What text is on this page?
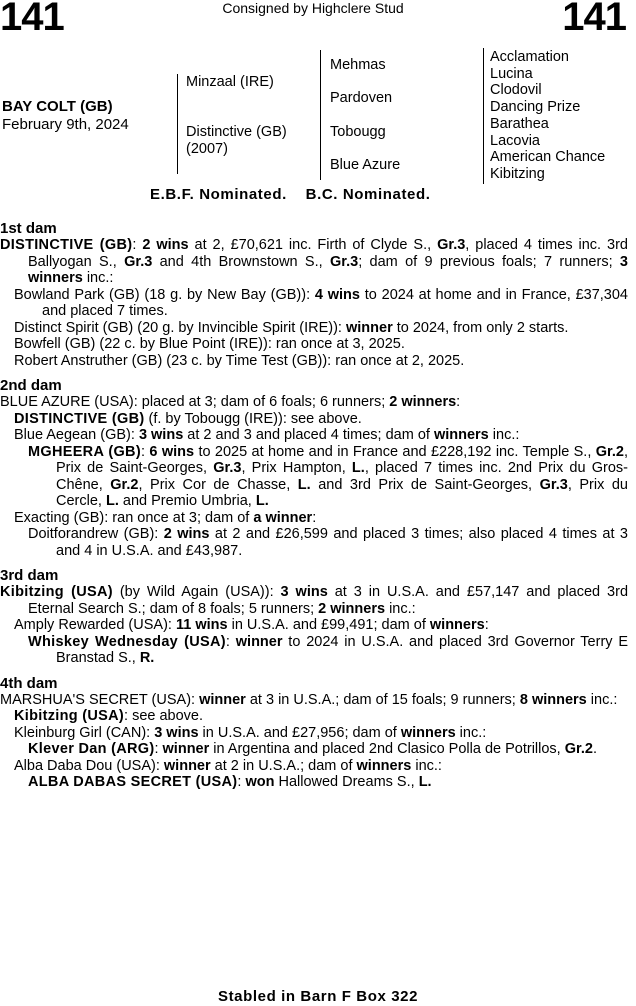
141	Consigned by Highclere Stud	141
BAY COLT (GB)
February 9th, 2024
Minzaal (IRE)
Distinctive (GB)
(2007)
Mehmas
Pardoven
Tobougg
Blue Azure
Acclamation
Lucina
Clodovil
Dancing Prize
Barathea
Lacovia
American Chance
Kibitzing
E.B.F. Nominated. B.C. Nominated.
1st dam
DISTINCTIVE (GB): 2 wins at 2, £70,621 inc. Firth of Clyde S., Gr.3, placed 4 times inc. 3rd Ballyogan S., Gr.3 and 4th Brownstown S., Gr.3; dam of 9 previous foals; 7 runners; 3 winners inc.:
Bowland Park (GB) (18 g. by New Bay (GB)): 4 wins to 2024 at home and in France, £37,304 and placed 7 times.
Distinct Spirit (GB) (20 g. by Invincible Spirit (IRE)): winner to 2024, from only 2 starts.
Bowfell (GB) (22 c. by Blue Point (IRE)): ran once at 3, 2025.
Robert Anstruther (GB) (23 c. by Time Test (GB)): ran once at 2, 2025.
2nd dam
BLUE AZURE (USA): placed at 3; dam of 6 foals; 6 runners; 2 winners:
DISTINCTIVE (GB) (f. by Tobougg (IRE)): see above.
Blue Aegean (GB): 3 wins at 2 and 3 and placed 4 times; dam of winners inc.:
MGHEERA (GB): 6 wins to 2025 at home and in France and £228,192 inc. Temple S., Gr.2, Prix de Saint-Georges, Gr.3, Prix Hampton, L., placed 7 times inc. 2nd Prix du Gros-Chêne, Gr.2, Prix Cor de Chasse, L. and 3rd Prix de Saint-Georges, Gr.3, Prix du Cercle, L. and Premio Umbria, L.
Exacting (GB): ran once at 3; dam of a winner:
Doitforandrew (GB): 2 wins at 2 and £26,599 and placed 3 times; also placed 4 times at 3 and 4 in U.S.A. and £43,987.
3rd dam
Kibitzing (USA) (by Wild Again (USA)): 3 wins at 3 in U.S.A. and £57,147 and placed 3rd Eternal Search S.; dam of 8 foals; 5 runners; 2 winners inc.:
Amply Rewarded (USA): 11 wins in U.S.A. and £99,491; dam of winners:
Whiskey Wednesday (USA): winner to 2024 in U.S.A. and placed 3rd Governor Terry E Branstad S., R.
4th dam
MARSHUA'S SECRET (USA): winner at 3 in U.S.A.; dam of 15 foals; 9 runners; 8 winners inc.:
Kibitzing (USA): see above.
Kleinburg Girl (CAN): 3 wins in U.S.A. and £27,956; dam of winners inc.:
Klever Dan (ARG): winner in Argentina and placed 2nd Clasico Polla de Potrillos, Gr.2.
Alba Daba Dou (USA): winner at 2 in U.S.A.; dam of winners inc.:
ALBA DABAS SECRET (USA): won Hallowed Dreams S., L.
Stabled in Barn F Box 322
